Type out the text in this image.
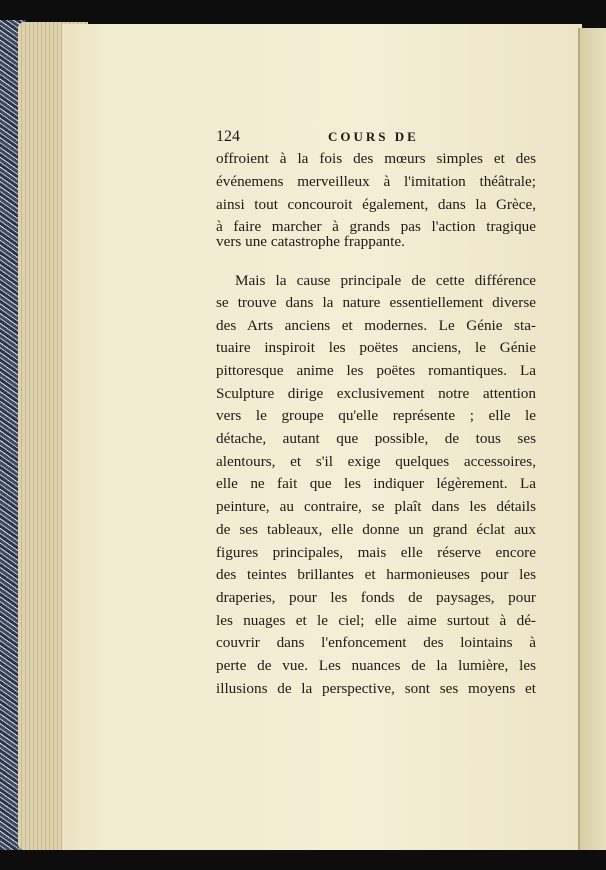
124	COURS DE
offroient à la fois des mœurs simples et des
événemens merveilleux à l'imitation théâtrale;
ainsi tout concouroit également, dans la Grèce,
à faire marcher à grands pas l'action tragique
vers une catastrophe frappante.
Mais la cause principale de cette différence
se trouve dans la nature essentiellement diverse
des Arts anciens et modernes. Le Génie sta-
tuaire inspiroit les poëtes anciens, le Génie
pittoresque anime les poëtes romantiques. La
Sculpture dirige exclusivement notre attention
vers le groupe qu'elle représente ; elle le
détache, autant que possible, de tous ses
alentours, et s'il exige quelques accessoires,
elle ne fait que les indiquer légèrement. La
peinture, au contraire, se plaît dans les détails
de ses tableaux, elle donne un grand éclat aux
figures principales, mais elle réserve encore
des teintes brillantes et harmonieuses pour les
draperies, pour les fonds de paysages, pour
les nuages et le ciel; elle aime surtout à dé-
couvrir dans l'enfoncement des lointains à
perte de vue. Les nuances de la lumière, les
illusions de la perspective, sont ses moyens et
